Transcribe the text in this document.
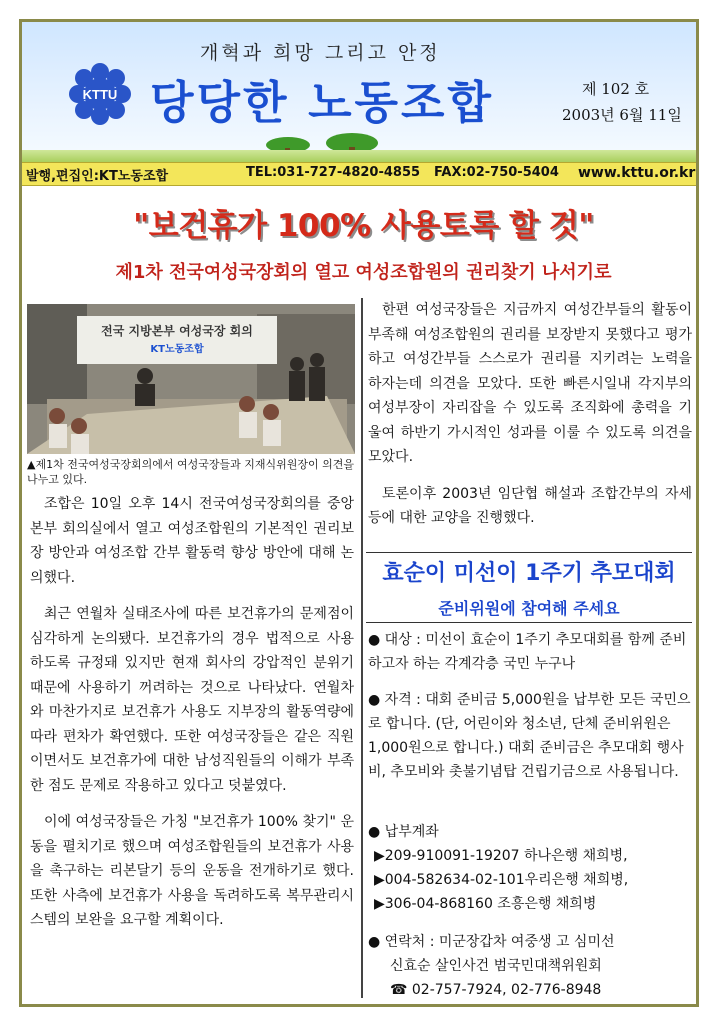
개혁과 희망 그리고 안정
KTTU 당당한 노동조합	제 102 호
2003년 6월 11일
발행,편집인:KT노동조합	TEL:031-727-4820-4855 FAX:02-750-5404 www.kttu.or.kr
"보건휴가 100% 사용토록 할 것"
제1차 전국여성국장회의 열고 여성조합원의 권리찾기 나서기로
전국 지방본부 여성국장 회의
KT노동조합
▲제1차 전국여성국장회의에서 여성국장들과 지재식위원장이 의견을 나누고 있다.

조합은 10일 오후 14시 전국여성국장회의를 중앙본부 회의실에서 열고 여성조합원의 기본적인 권리보장 방안과 여성조합 간부 활동력 향상 방안에 대해 논의했다.

최근 연월차 실태조사에 따른 보건휴가의 문제점이 심각하게 논의됐다. 보건휴가의 경우 법적으로 사용하도록 규정돼 있지만 현재 회사의 강압적인 분위기 때문에 사용하기 꺼려하는 것으로 나타났다. 연월차와 마찬가지로 보건휴가 사용도 지부장의 활동역량에 따라 편차가 확연했다. 또한 여성국장들은 같은 직원이면서도 보건휴가에 대한 남성직원들의 이해가 부족한 점도 문제로 작용하고 있다고 덧붙였다.

이에 여성국장들은 가칭 "보건휴가 100% 찾기" 운동을 펼치기로 했으며 여성조합원들의 보건휴가 사용을 촉구하는 리본달기 등의 운동을 전개하기로 했다. 또한 사측에 보건휴가 사용을 독려하도록 복무관리시스템의 보완을 요구할 계획이다.

한편 여성국장들은 지금까지 여성간부들의 활동이 부족해 여성조합원의 권리를 보장받지 못했다고 평가하고 여성간부들 스스로가 권리를 지키려는 노력을 하자는데 의견을 모았다. 또한 빠른시일내 각지부의 여성부장이 자리잡을 수 있도록 조직화에 총력을 기울여 하반기 가시적인 성과를 이룰 수 있도록 의견을 모았다.

토론이후 2003년 임단협 해설과 조합간부의 자세 등에 대한 교양을 진행했다.

효순이 미선이 1주기 추모대회
준비위원에 참여해 주세요

● 대상 : 미선이 효순이 1주기 추모대회를 함께 준비하고자 하는 각계각층 국민 누구나

● 자격 : 대회 준비금 5,000원을 납부한 모든 국민으로 합니다. (단, 어린이와 청소년, 단체 준비위원은 1,000원으로 합니다.) 대회 준비금은 추모대회 행사비, 추모비와 촛불기념탑 건립기금으로 사용됩니다.

● 납부계좌

▶209-910091-19207 하나은행 채희병,

▶004-582634-02-101우리은행 채희병,

▶306-04-868160 조흥은행 채희병

● 연락처 : 미군장갑차 여중생 고 심미선

신효순 살인사건 범국민대책위원회

☎ 02-757-7924, 02-776-8948
